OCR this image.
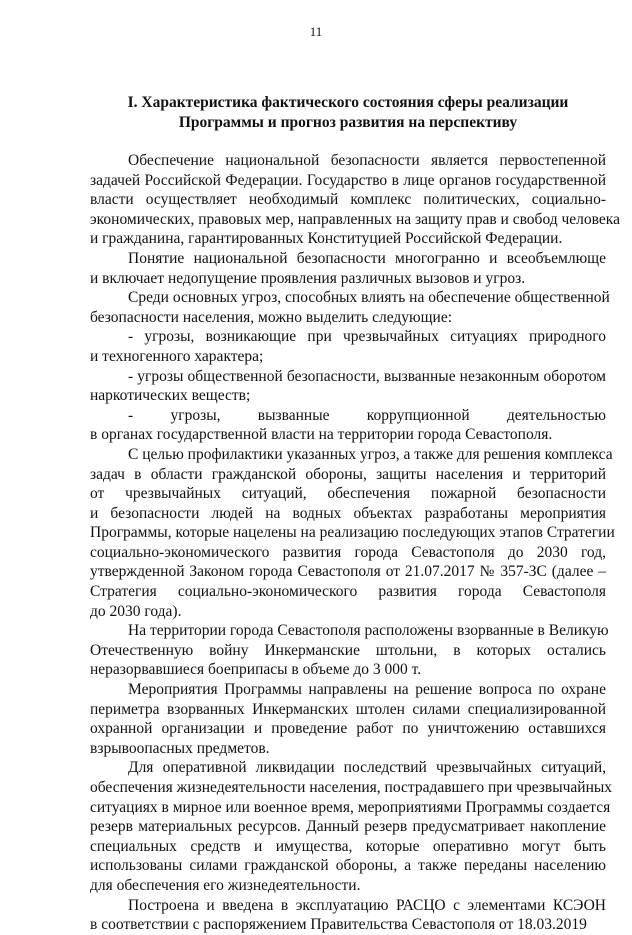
11
I. Характеристика фактического состояния сферы реализации
Программы и прогноз развития на перспективу
Обеспечение национальной безопасности является первостепенной
задачей Российской Федерации. Государство в лице органов государственной
власти осуществляет необходимый комплекс политических, социально-
экономических, правовых мер, направленных на защиту прав и свобод человека
и гражданина, гарантированных Конституцией Российской Федерации.
Понятие национальной безопасности многогранно и всеобъемлюще
и включает недопущение проявления различных вызовов и угроз.
Среди основных угроз, способных влиять на обеспечение общественной
безопасности населения, можно выделить следующие:
- угрозы, возникающие при чрезвычайных ситуациях природного
и техногенного характера;
- угрозы общественной безопасности, вызванные незаконным оборотом
наркотических веществ;
- угрозы, вызванные коррупционной деятельностью
в органах государственной власти на территории города Севастополя.
С целью профилактики указанных угроз, а также для решения комплекса
задач в области гражданской обороны, защиты населения и территорий
от чрезвычайных ситуаций, обеспечения пожарной безопасности
и безопасности людей на водных объектах разработаны мероприятия
Программы, которые нацелены на реализацию последующих этапов Стратегии
социально-экономического развития города Севастополя до 2030 год,
утвержденной Законом города Севастополя от 21.07.2017 № 357-ЗС (далее –
Стратегия социально-экономического развития города Севастополя
до 2030 года).
На территории города Севастополя расположены взорванные в Великую
Отечественную войну Инкерманские штольни, в которых остались
неразорвавшиеся боеприпасы в объеме до 3 000 т.
Мероприятия Программы направлены на решение вопроса по охране
периметра взорванных Инкерманских штолен силами специализированной
охранной организации и проведение работ по уничтожению оставшихся
взрывоопасных предметов.
Для оперативной ликвидации последствий чрезвычайных ситуаций,
обеспечения жизнедеятельности населения, пострадавшего при чрезвычайных
ситуациях в мирное или военное время, мероприятиями Программы создается
резерв материальных ресурсов. Данный резерв предусматривает накопление
специальных средств и имущества, которые оперативно могут быть
использованы силами гражданской обороны, а также переданы населению
для обеспечения его жизнедеятельности.
Построена и введена в эксплуатацию РАСЦО с элементами КСЭОН
в соответствии с распоряжением Правительства Севастополя от 18.03.2019
